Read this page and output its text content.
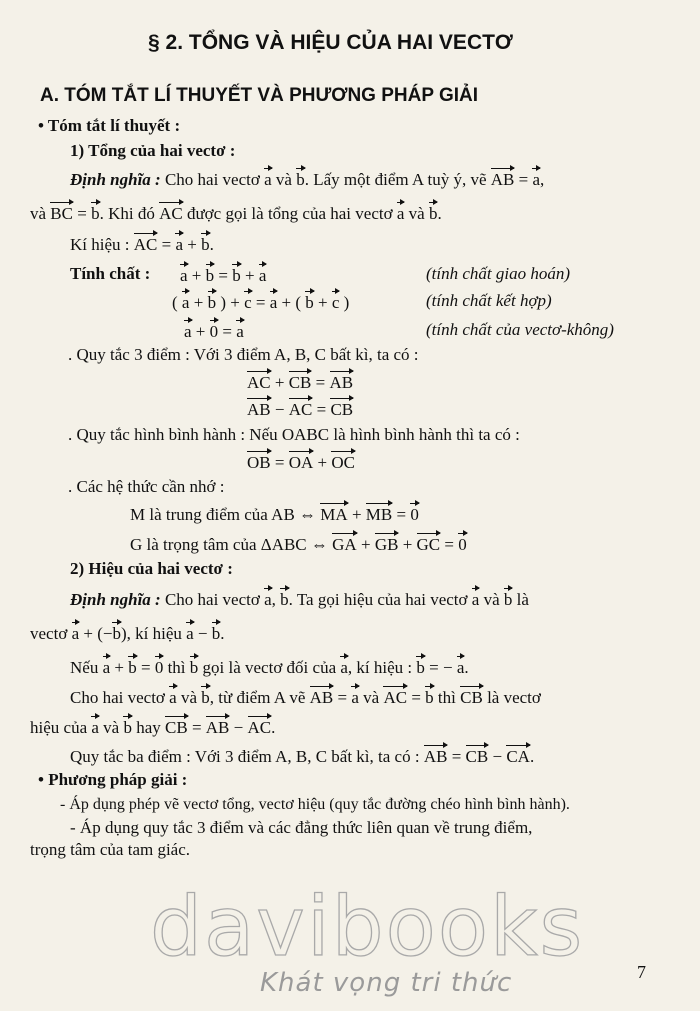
§ 2. TỔNG VÀ HIỆU CỦA HAI VECTƠ
A. TÓM TẮT LÍ THUYẾT VÀ PHƯƠNG PHÁP GIẢI
• Tóm tắt lí thuyết :
1) Tổng của hai vectơ :
Định nghĩa : Cho hai vectơ a và b. Lấy một điểm A tuỳ ý, vẽ AB = a,
và BC = b. Khi đó AC được gọi là tổng của hai vectơ a và b.
Kí hiệu : AC = a + b.
Tính chất : a + b = b + a	(tính chất giao hoán)
( a + b ) + c = a + ( b + c )	(tính chất kết hợp)
a + 0 = a	(tính chất của vectơ-không)
. Quy tắc 3 điểm : Với 3 điểm A, B, C bất kì, ta có :
AC + CB = AB
AB − AC = CB
. Quy tắc hình bình hành : Nếu OABC là hình bình hành thì ta có :
OB = OA + OC
. Các hệ thức cần nhớ :
M là trung điểm của AB ⇔ MA + MB = 0
G là trọng tâm của ΔABC ⇔ GA + GB + GC = 0
2) Hiệu của hai vectơ :
Định nghĩa : Cho hai vectơ a, b. Ta gọi hiệu của hai vectơ a và b là
vectơ a + (−b), kí hiệu a − b.
Nếu a + b = 0 thì b gọi là vectơ đối của a, kí hiệu : b = − a.
Cho hai vectơ a và b, từ điểm A vẽ AB = a và AC = b thì CB là vectơ
hiệu của a và b hay CB = AB − AC.
Quy tắc ba điểm : Với 3 điểm A, B, C bất kì, ta có : AB = CB − CA.
• Phương pháp giải :
- Áp dụng phép vẽ vectơ tổng, vectơ hiệu (quy tắc đường chéo hình bình hành).
- Áp dụng quy tắc 3 điểm và các đẳng thức liên quan về trung điểm,
trọng tâm của tam giác.
davibooks
Khát vọng tri thức	7
